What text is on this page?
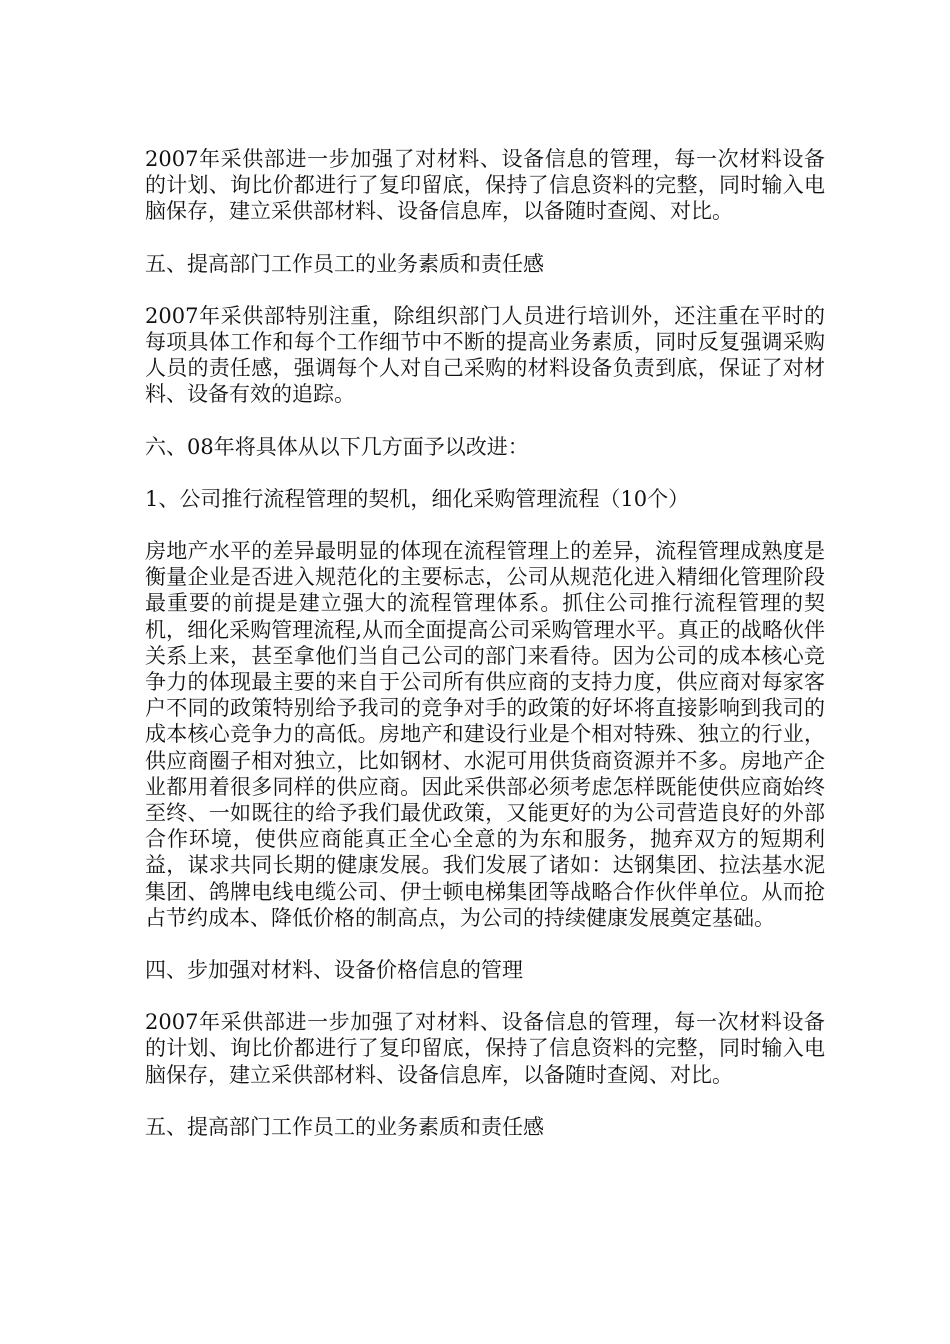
2007年采供部进一步加强了对材料、设备信息的管理，每一次材料设备的计划、询比价都进行了复印留底，保持了信息资料的完整，同时输入电脑保存，建立采供部材料、设备信息库，以备随时查阅、对比。

五、提高部门工作员工的业务素质和责任感

2007年采供部特别注重，除组织部门人员进行培训外，还注重在平时的每项具体工作和每个工作细节中不断的提高业务素质，同时反复强调采购人员的责任感，强调每个人对自己采购的材料设备负责到底，保证了对材料、设备有效的追踪。

六、08年将具体从以下几方面予以改进：

1、公司推行流程管理的契机，细化采购管理流程（10个）

房地产水平的差异最明显的体现在流程管理上的差异，流程管理成熟度是衡量企业是否进入规范化的主要标志，公司从规范化进入精细化管理阶段最重要的前提是建立强大的流程管理体系。抓住公司推行流程管理的契机，细化采购管理流程,从而全面提高公司采购管理水平。真正的战略伙伴关系上来，甚至拿他们当自己公司的部门来看待。因为公司的成本核心竞争力的体现最主要的来自于公司所有供应商的支持力度，供应商对每家客户不同的政策特别给予我司的竞争对手的政策的好坏将直接影响到我司的成本核心竞争力的高低。房地产和建设行业是个相对特殊、独立的行业，供应商圈子相对独立，比如钢材、水泥可用供货商资源并不多。房地产企业都用着很多同样的供应商。因此采供部必须考虑怎样既能使供应商始终至终、一如既往的给予我们最优政策，又能更好的为公司营造良好的外部合作环境，使供应商能真正全心全意的为东和服务，抛弃双方的短期利益，谋求共同长期的健康发展。我们发展了诸如：达钢集团、拉法基水泥集团、鸽牌电线电缆公司、伊士顿电梯集团等战略合作伙伴单位。从而抢占节约成本、降低价格的制高点，为公司的持续健康发展奠定基础。

四、步加强对材料、设备价格信息的管理

2007年采供部进一步加强了对材料、设备信息的管理，每一次材料设备的计划、询比价都进行了复印留底，保持了信息资料的完整，同时输入电脑保存，建立采供部材料、设备信息库，以备随时查阅、对比。

五、提高部门工作员工的业务素质和责任感
